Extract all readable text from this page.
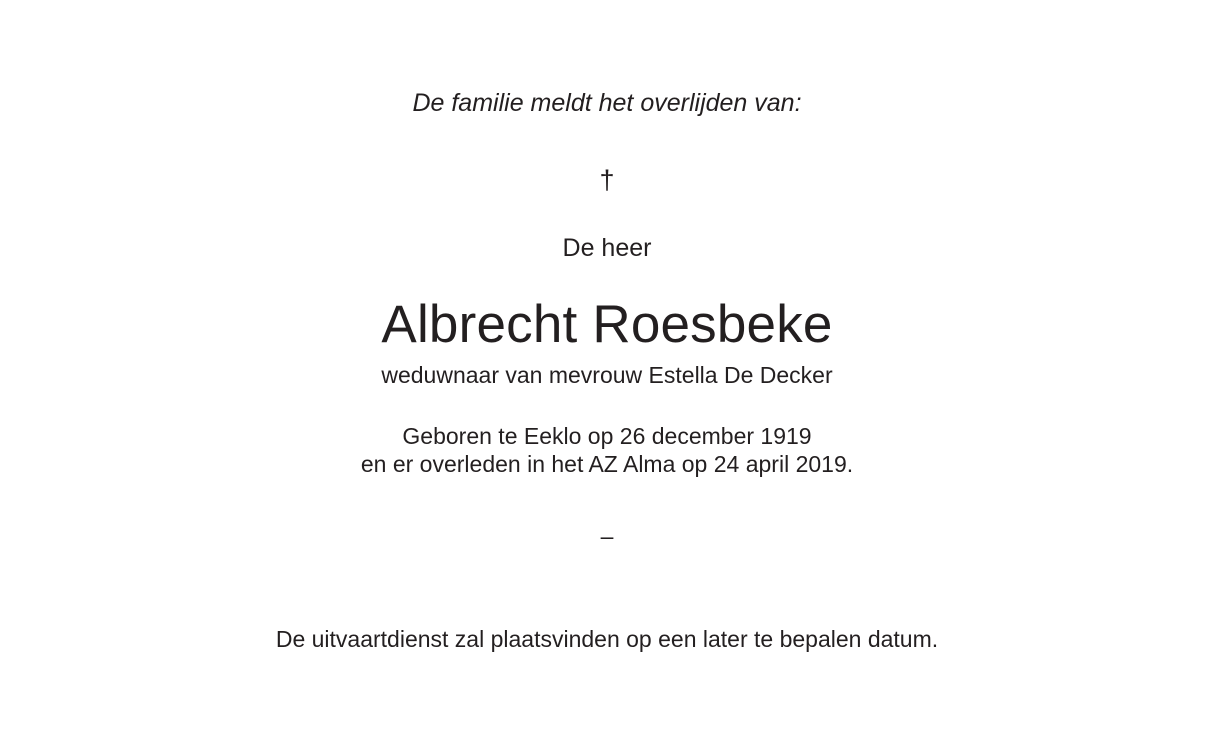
De familie meldt het overlijden van:
†
De heer
Albrecht Roesbeke
weduwnaar van mevrouw Estella De Decker
Geboren te Eeklo op 26 december 1919
en er overleden in het AZ Alma op 24 april 2019.
–
De uitvaartdienst zal plaatsvinden op een later te bepalen datum.
